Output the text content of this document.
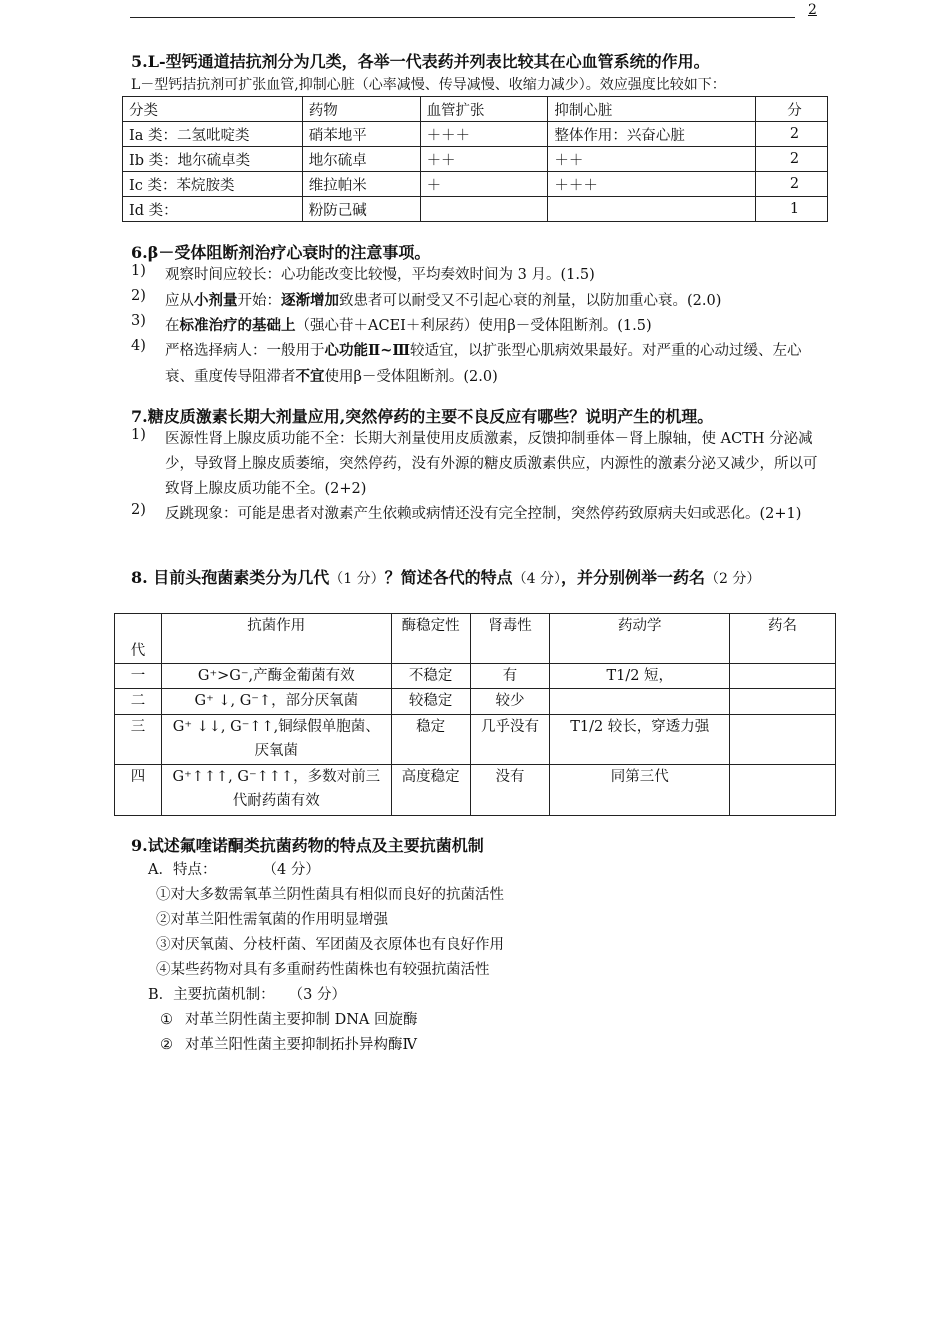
2
5.L-型钙通道拮抗剂分为几类，各举一代表药并列表比较其在心血管系统的作用。
L－型钙拮抗剂可扩张血管,抑制心脏（心率减慢、传导减慢、收缩力减少）。效应强度比较如下：
分类	药物	血管扩张	抑制心脏	分
Ia 类：二氢吡啶类	硝苯地平	＋＋＋	整体作用：兴奋心脏	2
Ib 类：地尔硫卓类	地尔硫卓	＋＋	＋＋	2
Ic 类：苯烷胺类	维拉帕米	＋	＋＋＋	2
Id 类：	粉防己碱			1
6.β－受体阻断剂治疗心衰时的注意事项。
1) 观察时间应较长：心功能改变比较慢，平均奏效时间为 3 月。(1.5)
2) 应从小剂量开始：逐渐增加致患者可以耐受又不引起心衰的剂量，以防加重心衰。(2.0)
3) 在标准治疗的基础上（强心苷＋ACEI＋利尿药）使用β－受体阻断剂。(1.5)
4) 严格选择病人：一般用于心功能Ⅱ~Ⅲ较适宜，以扩张型心肌病效果最好。对严重的心动过缓、左心衰、重度传导阻滞者不宜使用β－受体阻断剂。(2.0)
7.糖皮质激素长期大剂量应用,突然停药的主要不良反应有哪些？说明产生的机理。
1) 医源性肾上腺皮质功能不全：长期大剂量使用皮质激素，反馈抑制垂体－肾上腺轴，使 ACTH 分泌减少，导致肾上腺皮质萎缩，突然停药，没有外源的糖皮质激素供应，内源性的激素分泌又减少，所以可致肾上腺皮质功能不全。(2+2)
2) 反跳现象：可能是患者对激素产生依赖或病情还没有完全控制，突然停药致原病夫妇或恶化。(2+1)
8. 目前头孢菌素类分为几代（1 分）？简述各代的特点（4 分），并分别例举一药名（2 分）
代	抗菌作用	酶稳定性	肾毒性	药动学	药名
一	G⁺>G⁻,产酶金葡菌有效	不稳定	有	T1/2 短，	
二	G⁺ ↓, G⁻↑，部分厌氧菌	较稳定	较少		
三	G⁺ ↓↓, G⁻↑↑,铜绿假单胞菌、厌氧菌	稳定	几乎没有	T1/2 较长，穿透力强	
四	G⁺↑↑↑, G⁻↑↑↑，多数对前三代耐药菌有效	高度稳定	没有	同第三代	
9.试述氟喹诺酮类抗菌药物的特点及主要抗菌机制
A．特点：	（4 分）
①对大多数需氧革兰阴性菌具有相似而良好的抗菌活性
②对革兰阳性需氧菌的作用明显增强
③对厌氧菌、分枝杆菌、军团菌及衣原体也有良好作用
④某些药物对具有多重耐药性菌株也有较强抗菌活性
B．主要抗菌机制： （3 分）
① 对革兰阴性菌主要抑制 DNA 回旋酶
② 对革兰阳性菌主要抑制拓扑异构酶Ⅳ
